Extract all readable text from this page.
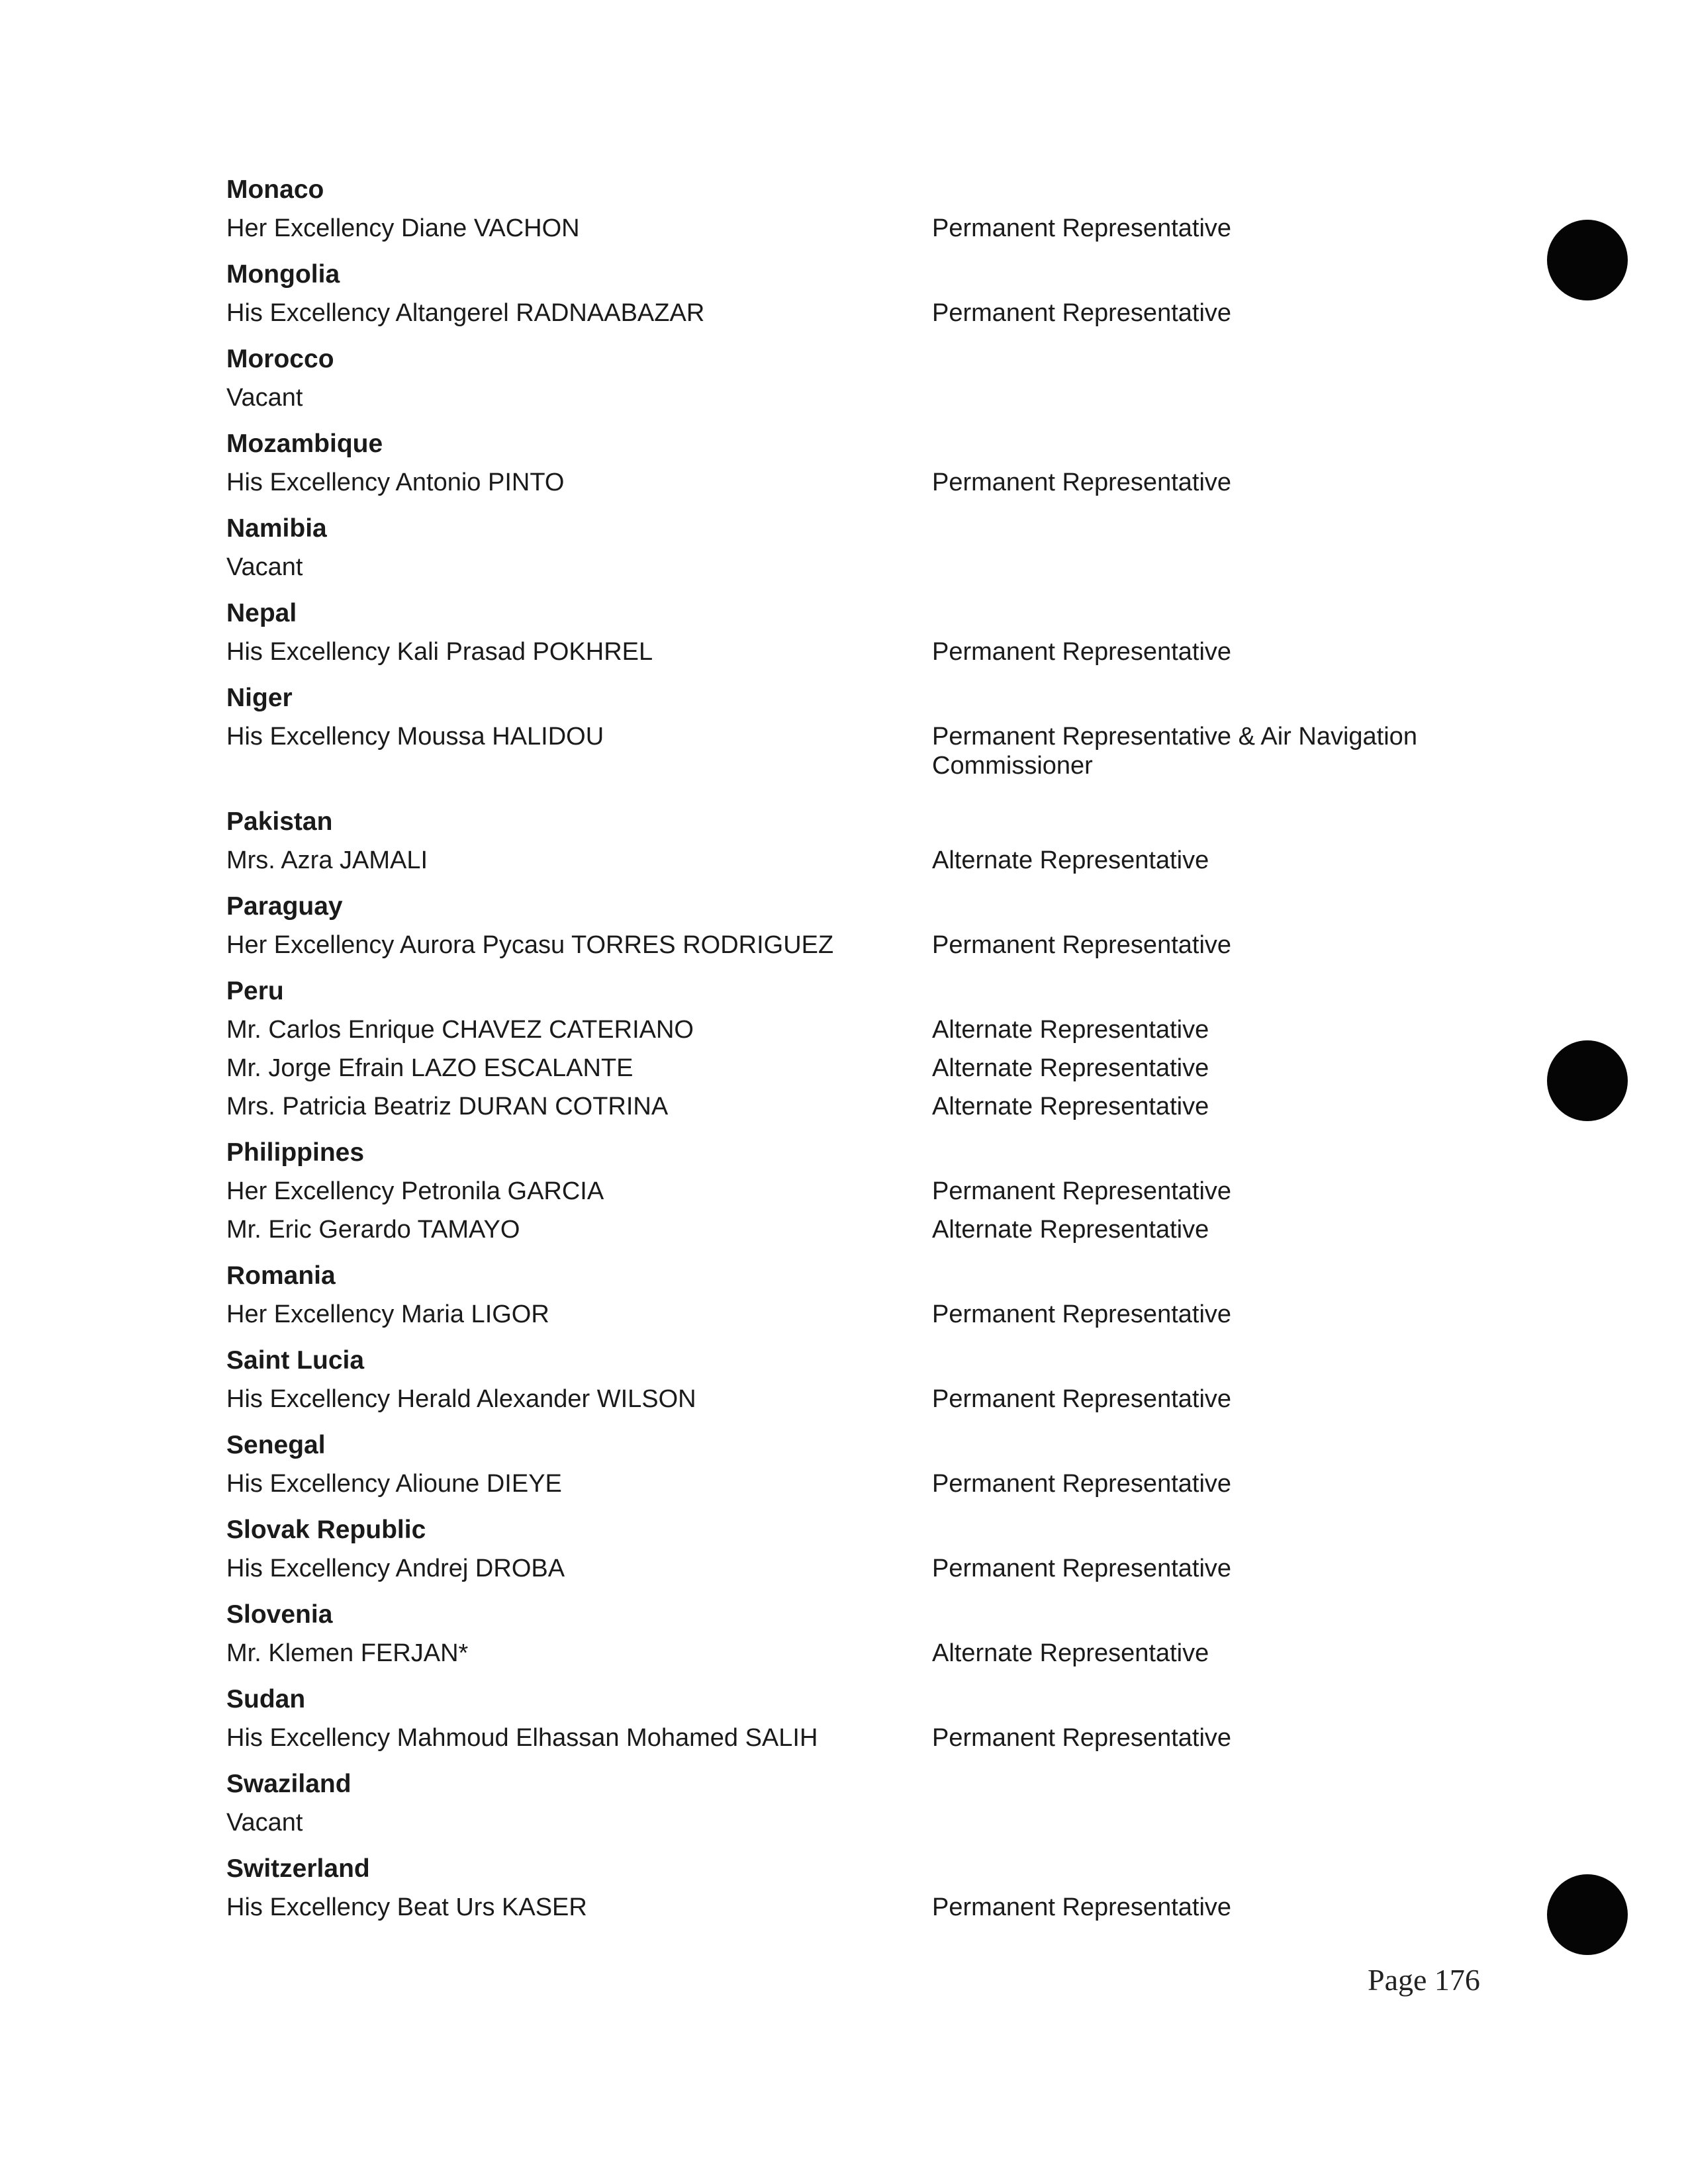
Monaco
Her Excellency Diane VACHON	Permanent Representative
Mongolia
His Excellency Altangerel RADNAABAZAR	Permanent Representative
Morocco
Vacant
Mozambique
His Excellency Antonio PINTO	Permanent Representative
Namibia
Vacant
Nepal
His Excellency Kali Prasad POKHREL	Permanent Representative
Niger
His Excellency Moussa HALIDOU	Permanent Representative & Air Navigation Commissioner
Pakistan
Mrs. Azra JAMALI	Alternate Representative
Paraguay
Her Excellency Aurora Pycasu TORRES RODRIGUEZ	Permanent Representative
Peru
Mr. Carlos Enrique CHAVEZ CATERIANO	Alternate Representative
Mr. Jorge Efrain LAZO ESCALANTE	Alternate Representative
Mrs. Patricia Beatriz DURAN COTRINA	Alternate Representative
Philippines
Her Excellency Petronila GARCIA	Permanent Representative
Mr. Eric Gerardo TAMAYO	Alternate Representative
Romania
Her Excellency Maria LIGOR	Permanent Representative
Saint Lucia
His Excellency Herald Alexander WILSON	Permanent Representative
Senegal
His Excellency Alioune DIEYE	Permanent Representative
Slovak Republic
His Excellency Andrej DROBA	Permanent Representative
Slovenia
Mr. Klemen FERJAN*	Alternate Representative
Sudan
His Excellency Mahmoud Elhassan Mohamed SALIH	Permanent Representative
Swaziland
Vacant
Switzerland
His Excellency Beat Urs KASER	Permanent Representative
Page 176
